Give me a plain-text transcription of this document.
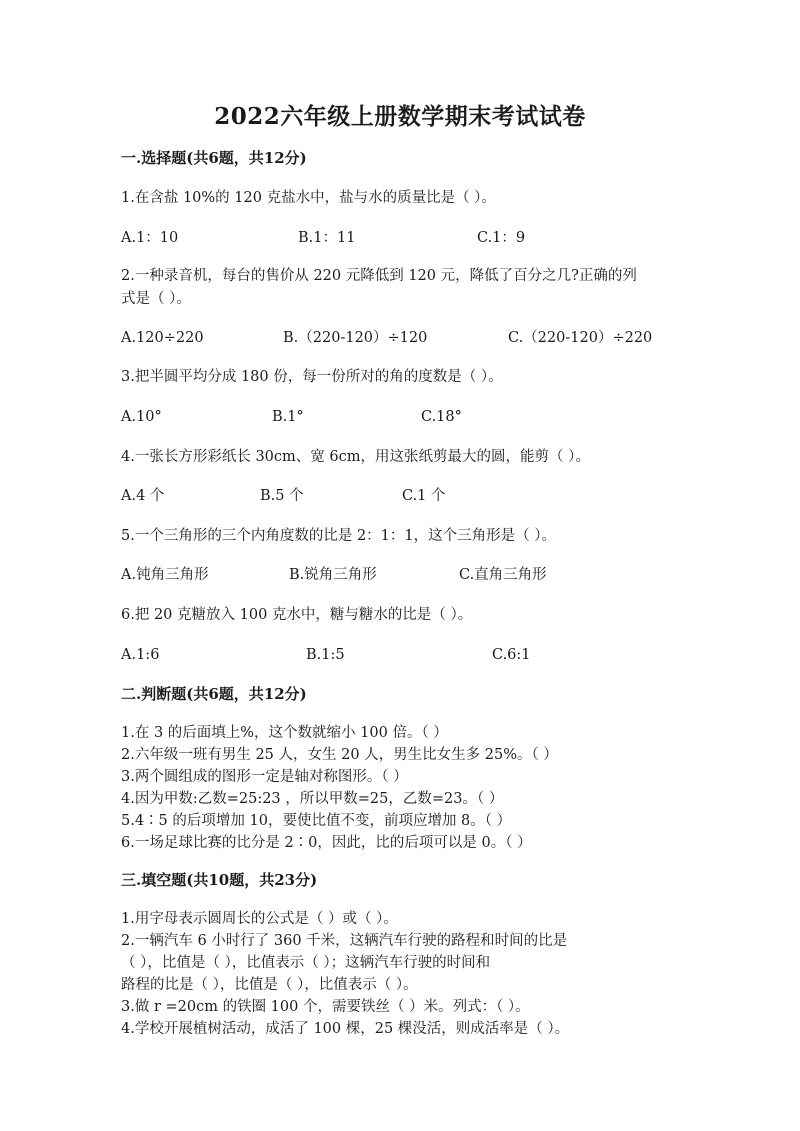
2022六年级上册数学期末考试试卷
一.选择题(共6题，共12分)
1.在含盐 10%的 120 克盐水中，盐与水的质量比是（ ）。
A.1：10	B.1：11	C.1：9
2.一种录音机，每台的售价从 220 元降低到 120 元，降低了百分之几?正确的列
式是（ ）。
A.120÷220	B.（220-120）÷120	C.（220-120）÷220
3.把半圆平均分成 180 份，每一份所对的角的度数是（ ）。
A.10°	B.1°	C.18°
4.一张长方形彩纸长 30cm、宽 6cm，用这张纸剪最大的圆，能剪（ ）。
A.4 个	B.5 个	C.1 个
5.一个三角形的三个内角度数的比是 2：1：1，这个三角形是（ ）。
A.钝角三角形	B.锐角三角形	C.直角三角形
6.把 20 克糖放入 100 克水中，糖与糖水的比是（ ）。
A.1:6	B.1:5	C.6:1
二.判断题(共6题，共12分)
1.在 3 的后面填上%，这个数就缩小 100 倍。（ ）
2.六年级一班有男生 25 人，女生 20 人，男生比女生多 25%。（ ）
3.两个圆组成的图形一定是轴对称图形。（ ）
4.因为甲数:乙数=25:23 ，所以甲数=25，乙数=23。（ ）
5.4∶5 的后项增加 10，要使比值不变，前项应增加 8。（ ）
6.一场足球比赛的比分是 2∶0，因此，比的后项可以是 0。（ ）
三.填空题(共10题，共23分)
1.用字母表示圆周长的公式是（ ）或（ ）。
2.一辆汽车 6 小时行了 360 千米，这辆汽车行驶的路程和时间的比是
（ ），比值是（ ），比值表示（ ）；这辆汽车行驶的时间和
路程的比是（ ），比值是（ ），比值表示（ ）。
3.做 r =20cm 的铁圈 100 个，需要铁丝（ ）米。列式：（ ）。
4.学校开展植树活动，成活了 100 棵，25 棵没活，则成活率是（ ）。
